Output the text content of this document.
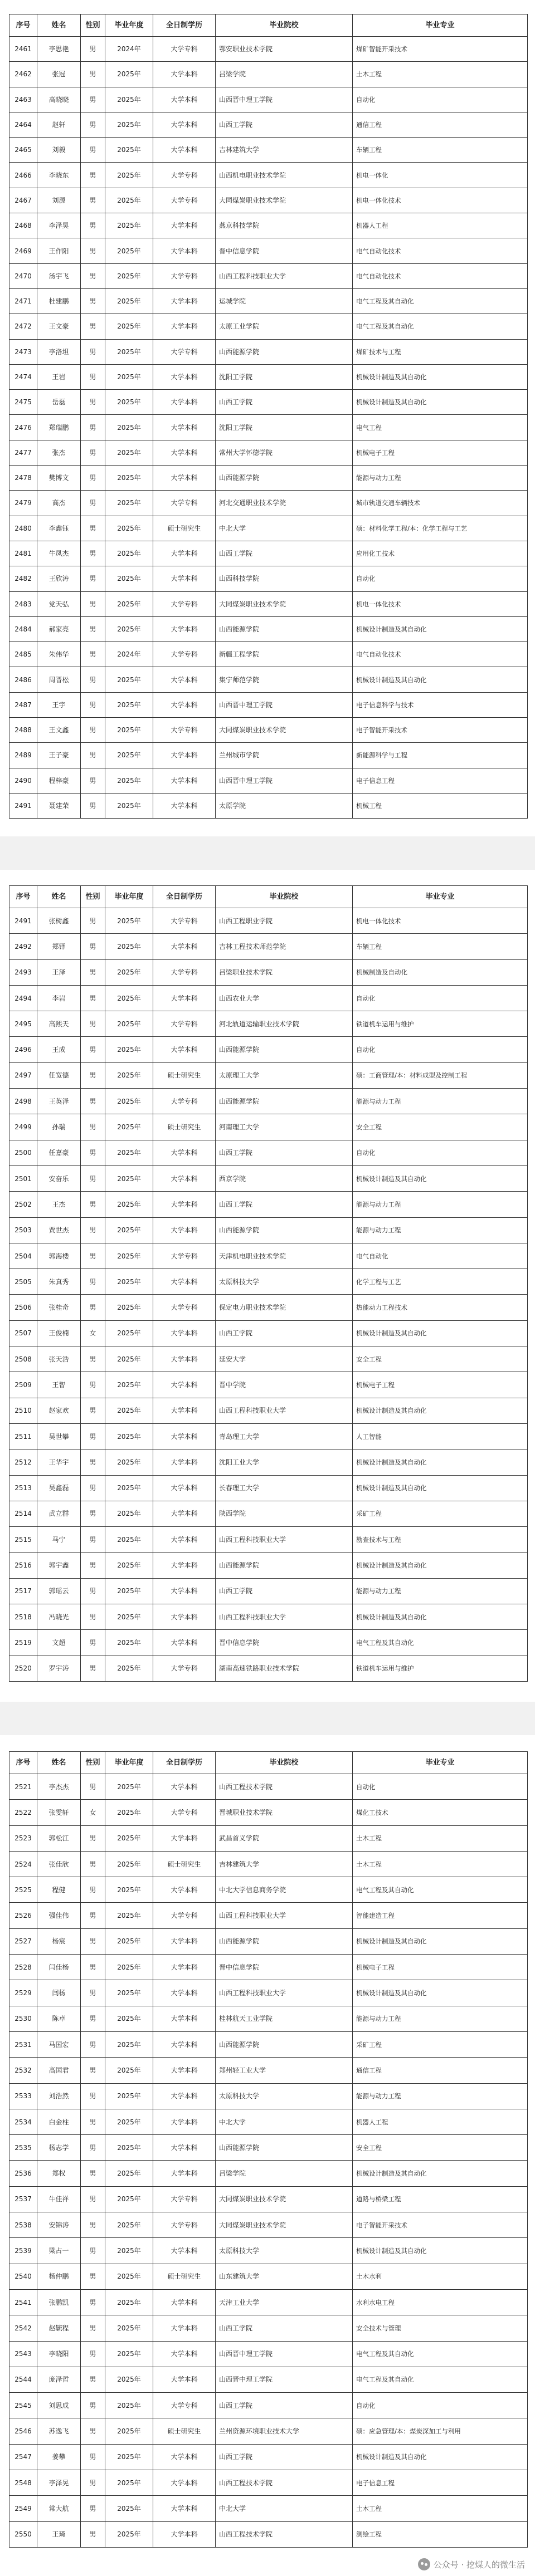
序号	姓名	性别	毕业年度	全日制学历	毕业院校	毕业专业
2461	李思艳	男	2024年	大学专科	鄂安职业技术学院	煤矿智能开采技术
2462	张冠	男	2025年	大学本科	吕梁学院	土木工程
2463	高晓晓	男	2025年	大学本科	山西晋中理工学院	自动化
2464	赵轩	男	2025年	大学本科	山西工学院	通信工程
2465	刘毅	男	2025年	大学本科	吉林建筑大学	车辆工程
2466	李晓东	男	2025年	大学专科	山西机电职业技术学院	机电一体化
2467	刘源	男	2025年	大学专科	大同煤炭职业技术学院	机电一体化技术
2468	李泽昊	男	2025年	大学本科	燕京科技学院	机器人工程
2469	王作阳	男	2025年	大学本科	晋中信息学院	电气自动化技术
2470	汤宇飞	男	2025年	大学专科	山西工程科技职业大学	电气自动化技术
2471	杜建鹏	男	2025年	大学本科	运城学院	电气工程及其自动化
2472	王文豪	男	2025年	大学本科	太原工业学院	电气工程及其自动化
2473	李洛坦	男	2025年	大学专科	山西能源学院	煤矿技术与工程
2474	王岩	男	2025年	大学本科	沈阳工学院	机械设计制造及其自动化
2475	岳磊	男	2025年	大学本科	山西工学院	机械设计制造及其自动化
2476	郑瑞鹏	男	2025年	大学本科	沈阳工学院	电气工程
2477	张杰	男	2025年	大学本科	常州大学怀德学院	机械电子工程
2478	樊博文	男	2025年	大学本科	山西能源学院	能源与动力工程
2479	高杰	男	2025年	大学专科	河北交通职业技术学院	城市轨道交通车辆技术
2480	李鑫钰	男	2025年	硕士研究生	中北大学	硕：材料化学工程/本：化学工程与工艺
2481	牛凤杰	男	2025年	大学本科	山西工学院	应用化工技术
2482	王欣涛	男	2025年	大学本科	山西科技学院	自动化
2483	党天弘	男	2025年	大学专科	大同煤炭职业技术学院	机电一体化技术
2484	郝家亮	男	2025年	大学本科	山西能源学院	机械设计制造及其自动化
2485	朱伟华	男	2024年	大学专科	新疆工程学院	电气自动化技术
2486	周晋松	男	2025年	大学本科	集宁师范学院	机械设计制造及其自动化
2487	王宇	男	2025年	大学本科	山西晋中理工学院	电子信息科学与技术
2488	王文鑫	男	2025年	大学专科	大同煤炭职业技术学院	电子智能开采技术
2489	王子豪	男	2025年	大学本科	兰州城市学院	新能源科学与工程
2490	程梓豪	男	2025年	大学本科	山西晋中理工学院	电子信息工程
2491	聂建荣	男	2025年	大学本科	太原学院	机械工程
序号	姓名	性别	毕业年度	全日制学历	毕业院校	毕业专业
2491	张树鑫	男	2025年	大学专科	山西工程职业学院	机电一体化技术
2492	郑铎	男	2025年	大学本科	吉林工程技术师范学院	车辆工程
2493	王泽	男	2025年	大学专科	吕梁职业技术学院	机械制造及自动化
2494	李岩	男	2025年	大学本科	山西农业大学	自动化
2495	高熙天	男	2025年	大学专科	河北轨道运输职业技术学院	铁道机车运用与维护
2496	王成	男	2025年	大学本科	山西能源学院	自动化
2497	任宽德	男	2025年	硕士研究生	太原理工大学	硕：工商管理/本：材料成型及控制工程
2498	王英泽	男	2025年	大学专科	山西能源学院	能源与动力工程
2499	孙瑞	男	2025年	硕士研究生	河南理工大学	安全工程
2500	任嘉豪	男	2025年	大学本科	山西工学院	自动化
2501	安奋乐	男	2025年	大学本科	西京学院	机械设计制造及其自动化
2502	王杰	男	2025年	大学本科	山西工学院	能源与动力工程
2503	贾世杰	男	2025年	大学本科	山西能源学院	能源与动力工程
2504	郭海楼	男	2025年	大学专科	天津机电职业技术学院	电气自动化
2505	朱真秀	男	2025年	大学本科	太原科技大学	化学工程与工艺
2506	张桂奇	男	2025年	大学专科	保定电力职业技术学院	热能动力工程技术
2507	王俊楠	女	2025年	大学本科	山西工学院	机械设计制造及其自动化
2508	张天浩	男	2025年	大学本科	延安大学	安全工程
2509	王智	男	2025年	大学本科	晋中学院	机械电子工程
2510	赵家欢	男	2025年	大学本科	山西工程科技职业大学	机械设计制造及其自动化
2511	吴世攀	男	2025年	大学本科	青岛理工大学	人工智能
2512	王华宇	男	2025年	大学本科	沈阳工业大学	机械设计制造及其自动化
2513	吴鑫磊	男	2025年	大学本科	长春理工大学	机械设计制造及其自动化
2514	武立群	男	2025年	大学本科	陕西学院	采矿工程
2515	马宁	男	2025年	大学本科	山西工程科技职业大学	勘查技术与工程
2516	郭宇鑫	男	2025年	大学本科	山西能源学院	机械设计制造及其自动化
2517	郭瑶云	男	2025年	大学本科	山西工学院	能源与动力工程
2518	冯晓光	男	2025年	大学本科	山西工程科技职业大学	机械设计制造及其自动化
2519	文超	男	2025年	大学本科	晋中信息学院	电气工程及其自动化
2520	罗宇涛	男	2025年	大学专科	湖南高速铁路职业技术学院	铁道机车运用与维护
序号	姓名	性别	毕业年度	全日制学历	毕业院校	毕业专业
2521	李杰杰	男	2025年	大学本科	山西工程技术学院	自动化
2522	张雯轩	女	2025年	大学专科	晋城职业技术学院	煤化工技术
2523	郭松江	男	2025年	大学本科	武昌首义学院	土木工程
2524	张佳欣	男	2025年	硕士研究生	吉林建筑大学	土木工程
2525	程健	男	2025年	大学本科	中北大学信息商务学院	电气工程及其自动化
2526	强佳伟	男	2025年	大学专科	山西工程科技职业大学	智能建造工程
2527	杨宸	男	2025年	大学本科	山西能源学院	机械设计制造及其自动化
2528	闫佳杨	男	2025年	大学本科	晋中信息学院	机械电子工程
2529	闫杨	男	2025年	大学本科	山西工程科技职业大学	机械设计制造及其自动化
2530	陈卓	男	2025年	大学本科	桂林航天工业学院	能源与动力工程
2531	马国宏	男	2025年	大学本科	山西能源学院	采矿工程
2532	高国君	男	2025年	大学本科	郑州轻工业大学	通信工程
2533	刘浩然	男	2025年	大学本科	太原科技大学	能源与动力工程
2534	白金柱	男	2025年	大学本科	中北大学	机器人工程
2535	杨志学	男	2025年	大学本科	山西能源学院	安全工程
2536	郑权	男	2025年	大学本科	吕梁学院	机械设计制造及其自动化
2537	牛佳祥	男	2025年	大学专科	大同煤炭职业技术学院	道路与桥梁工程
2538	安锦涛	男	2025年	大学专科	大同煤炭职业技术学院	电子智能开采技术
2539	梁占一	男	2025年	大学本科	太原科技大学	机械设计制造及其自动化
2540	杨仲鹏	男	2025年	硕士研究生	山东建筑大学	土木水利
2541	张鹏凯	男	2025年	大学本科	天津工业大学	水利水电工程
2542	赵毓程	男	2025年	大学本科	山西工学院	安全技术与管理
2543	李晓阳	男	2025年	大学本科	山西晋中理工学院	电气工程及其自动化
2544	庞泽哲	男	2025年	大学本科	山西晋中理工学院	电气工程及其自动化
2545	刘思成	男	2025年	大学专科	山西工学院	自动化
2546	苏逸飞	男	2025年	硕士研究生	兰州资源环境职业技术大学	硕：应急管理/本：煤炭深加工与利用
2547	姜攀	男	2025年	大学本科	山西工学院	机械设计制造及其自动化
2548	李泽晃	男	2025年	大学本科	山西工程技术学院	电子信息工程
2549	常大航	男	2025年	大学本科	中北大学	土木工程
2550	王琦	男	2025年	大学本科	山西工程技术学院	测绘工程
公众号 · 挖煤人的微生活
